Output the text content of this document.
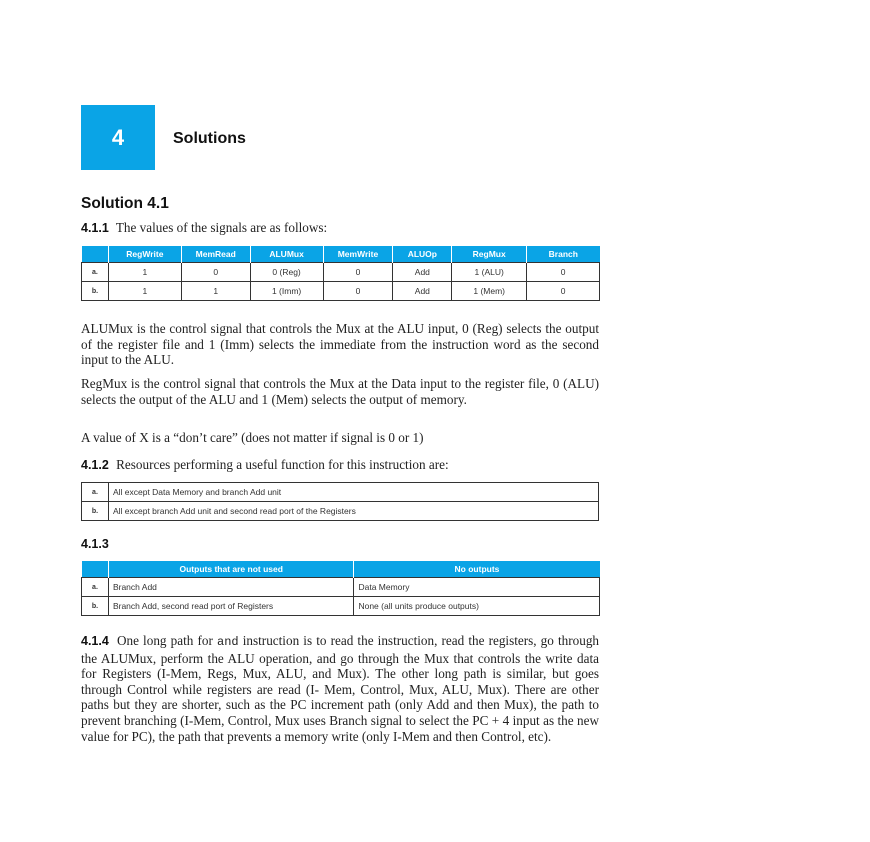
4	Solutions
Solution 4.1
4.1.1 The values of the signals are as follows:
	RegWrite	MemRead	ALUMux	MemWrite	ALUOp	RegMux	Branch
a.	1	0	0 (Reg)	0	Add	1 (ALU)	0
b.	1	1	1 (Imm)	0	Add	1 (Mem)	0
ALUMux is the control signal that controls the Mux at the ALU input, 0 (Reg) selects the output of the register file and 1 (Imm) selects the immediate from the instruction word as the second input to the ALU.
RegMux is the control signal that controls the Mux at the Data input to the register file, 0 (ALU) selects the output of the ALU and 1 (Mem) selects the output of memory.
A value of X is a “don’t care” (does not matter if signal is 0 or 1)
4.1.2 Resources performing a useful function for this instruction are:
a.	All except Data Memory and branch Add unit
b.	All except branch Add unit and second read port of the Registers
4.1.3
	Outputs that are not used	No outputs
a.	Branch Add	Data Memory
b.	Branch Add, second read port of Registers	None (all units produce outputs)
4.1.4 One long path for and instruction is to read the instruction, read the registers, go through the ALUMux, perform the ALU operation, and go through the Mux that controls the write data for Registers (I-Mem, Regs, Mux, ALU, and Mux). The other long path is similar, but goes through Control while registers are read (I- Mem, Control, Mux, ALU, Mux). There are other paths but they are shorter, such as the PC increment path (only Add and then Mux), the path to prevent branching (I-Mem, Control, Mux uses Branch signal to select the PC + 4 input as the new value for PC), the path that prevents a memory write (only I-Mem and then Control, etc).
